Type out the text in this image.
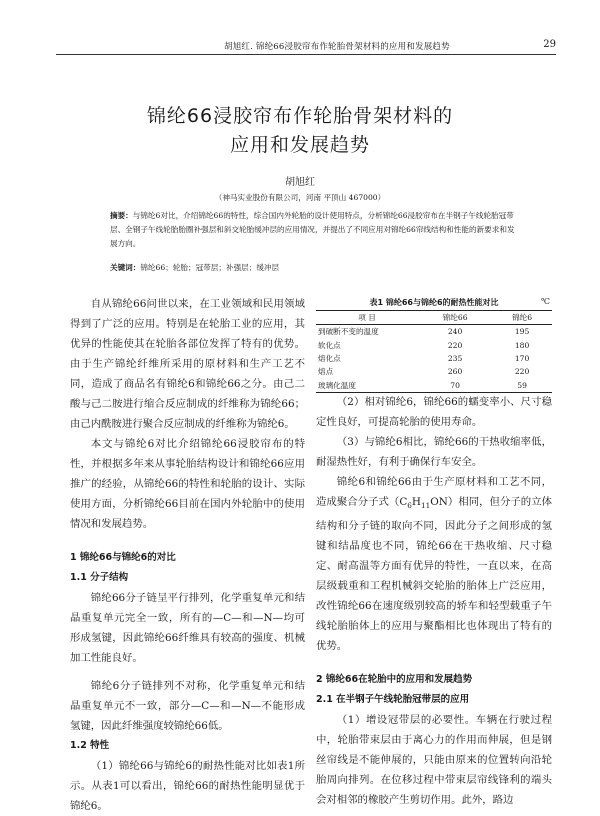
胡旭红. 锦纶66浸胶帘布作轮胎骨架材料的应用和发展趋势	29
锦纶66浸胶帘布作轮胎骨架材料的
应用和发展趋势
胡旭红
（神马实业股份有限公司，河南 平顶山 467000）
摘要：与锦纶6对比，介绍锦纶66的特性，综合国内外轮胎的设计使用特点，分析锦纶66浸胶帘布在半钢子午线轮胎冠带层、全钢子午线轮胎胎圈补强层和斜交轮胎缓冲层的应用情况，并提出了不同应用对锦纶66帘线结构和性能的新要求和发展方向。
关键词：锦纶66；轮胎；冠带层；补强层；缓冲层

自从锦纶66问世以来，在工业领域和民用领域得到了广泛的应用。特别是在轮胎工业的应用，其优异的性能使其在轮胎各部位发挥了特有的优势。由于生产锦纶纤维所采用的原材料和生产工艺不同，造成了商品名有锦纶6和锦纶66之分。由己二酸与己二胺进行缩合反应制成的纤维称为锦纶66；由己内酰胺进行聚合反应制成的纤维称为锦纶6。

本文与锦纶6对比介绍锦纶66浸胶帘布的特性，并根据多年来从事轮胎结构设计和锦纶66应用推广的经验，从锦纶66的特性和轮胎的设计、实际使用方面，分析锦纶66目前在国内外轮胎中的使用情况和发展趋势。

1 锦纶66与锦纶6的对比
1.1 分子结构

锦纶66分子链呈平行排列，化学重复单元和结晶重复单元完全一致，所有的—C—和—N—均可形成氢键，因此锦纶66纤维具有较高的强度、机械加工性能良好。

锦纶6分子链排列不对称，化学重复单元和结晶重复单元不一致，部分—C—和—N—不能形成氢键，因此纤维强度较锦纶66低。

1.2 特性

（1）锦纶66与锦纶6的耐热性能对比如表1所示。从表1可以看出，锦纶66的耐热性能明显优于锦纶6。

表1 锦纶66与锦纶6的耐热性能对比	℃
项 目	锦纶66	锦纶6
到破断不变的温度	240	195
软化点	220	180
熔化点	235	170
熔点	260	220
玻璃化温度	70	59

（2）相对锦纶6，锦纶66的蠕变率小、尺寸稳定性良好，可提高轮胎的使用寿命。

（3）与锦纶6相比，锦纶66的干热收缩率低，耐湿热性好，有利于确保行车安全。

锦纶6和锦纶66由于生产原材料和工艺不同，造成聚合分子式$(C_6H_{11}ON)$相同，但分子的立体结构和分子链的取向不同，因此分子之间形成的氢键和结晶度也不同，锦纶66在干热收缩、尺寸稳定、耐高温等方面有优异的特性，一直以来，在高层级载重和工程机械斜交轮胎的胎体上广泛应用，改性锦纶66在速度级别较高的轿车和轻型载重子午线轮胎胎体上的应用与聚酯相比也体现出了特有的优势。

2 锦纶66在轮胎中的应用和发展趋势
2.1 在半钢子午线轮胎冠带层的应用

（1）增设冠带层的必要性。车辆在行驶过程中，轮胎带束层由于离心力的作用而伸展，但是钢丝帘线是不能伸展的，只能由原来的位置转向沿轮胎周向排列。在位移过程中带束层帘线锋利的端头会对相邻的橡胶产生剪切作用。此外，路边
